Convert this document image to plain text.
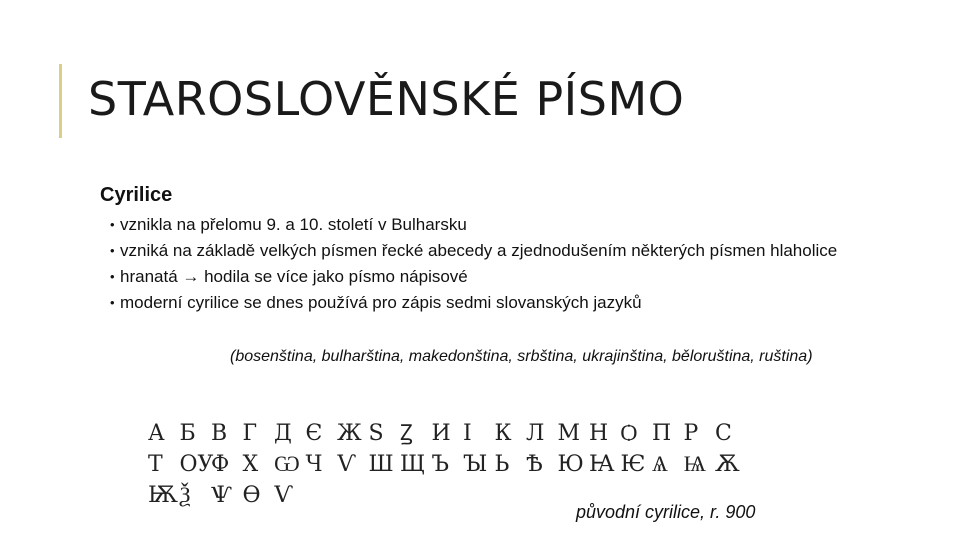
STAROSLOVĚNSKÉ PÍSMO
Cyrilice
• vznikla na přelomu 9. a 10. století v Bulharsku
• vzniká na základě velkých písmen řecké abecedy a zjednodušením některých písmen hlaholice
• hranatá → hodila se více jako písmo nápisové
• moderní cyrilice se dnes používá pro zápis sedmi slovanských jazyků

(bosenština, bulharština, makedonština, srbština, ukrajinština, běloruština, ruština)

А Б В Г Д Є Ж Ѕ Ꙁ И І	К Л М Н Ѻ П Р С
Т ОУ
Ф Х Ѡ Ч Ѵ Ш Щ Ъ Ꙑ Ь Ѣ Ю Ꙗ Ѥ Ѧ Ѩ Ѫ
Ѭ Ѯ Ѱ Ѳ Ѵ

původní cyrilice, r. 900
